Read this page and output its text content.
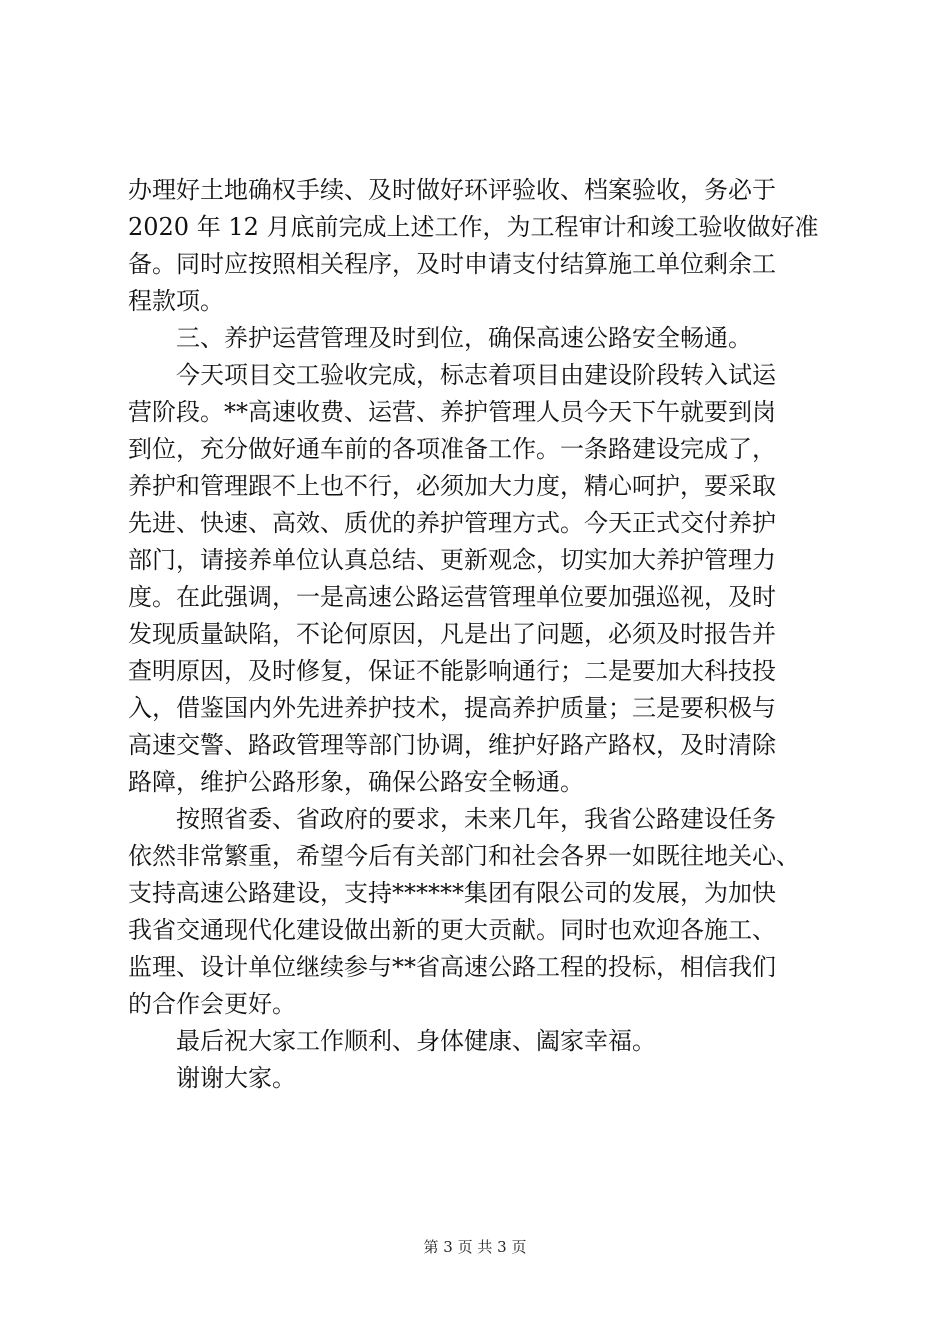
办理好土地确权手续、及时做好环评验收、档案验收，务必于
2020 年 12 月底前完成上述工作，为工程审计和竣工验收做好准
备。同时应按照相关程序，及时申请支付结算施工单位剩余工
程款项。
三、养护运营管理及时到位，确保高速公路安全畅通。
今天项目交工验收完成，标志着项目由建设阶段转入试运
营阶段。**高速收费、运营、养护管理人员今天下午就要到岗
到位，充分做好通车前的各项准备工作。一条路建设完成了，
养护和管理跟不上也不行，必须加大力度，精心呵护，要采取
先进、快速、高效、质优的养护管理方式。今天正式交付养护
部门，请接养单位认真总结、更新观念，切实加大养护管理力
度。在此强调，一是高速公路运营管理单位要加强巡视，及时
发现质量缺陷，不论何原因，凡是出了问题，必须及时报告并
查明原因，及时修复，保证不能影响通行；二是要加大科技投
入，借鉴国内外先进养护技术，提高养护质量；三是要积极与
高速交警、路政管理等部门协调，维护好路产路权，及时清除
路障，维护公路形象，确保公路安全畅通。
按照省委、省政府的要求，未来几年，我省公路建设任务
依然非常繁重，希望今后有关部门和社会各界一如既往地关心、
支持高速公路建设，支持******集团有限公司的发展，为加快
我省交通现代化建设做出新的更大贡献。同时也欢迎各施工、
监理、设计单位继续参与**省高速公路工程的投标，相信我们
的合作会更好。
最后祝大家工作顺利、身体健康、阖家幸福。
谢谢大家。
第 3 页 共 3 页
